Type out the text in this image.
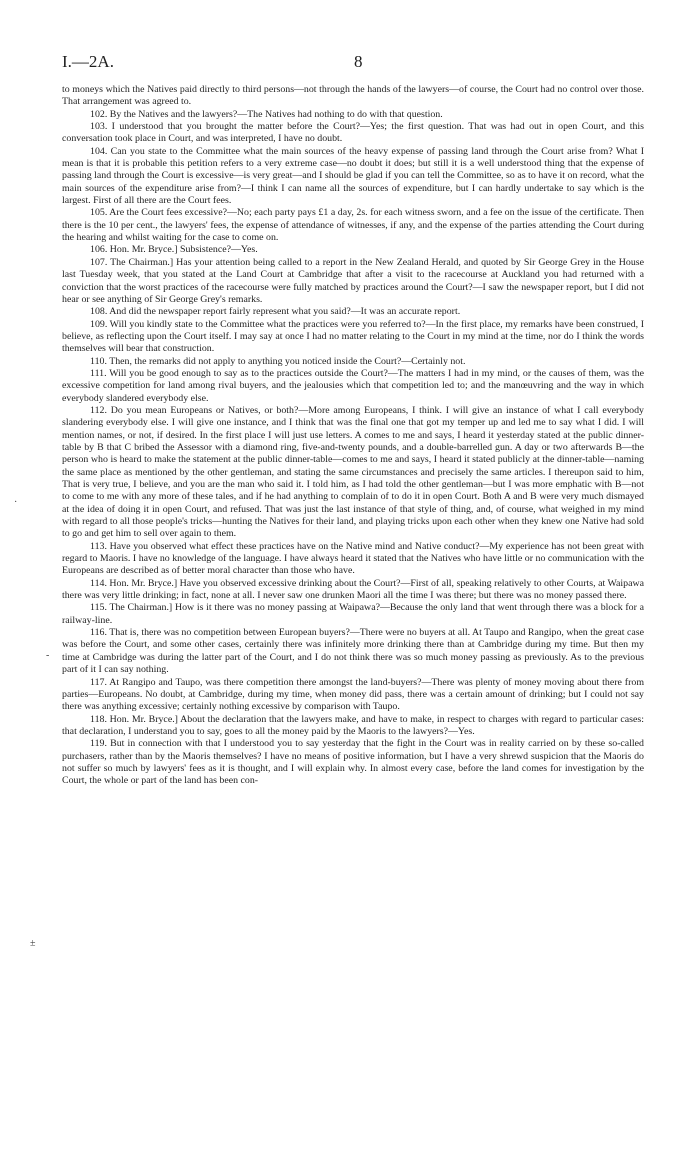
I.—2A.	8

to moneys which the Natives paid directly to third persons—not through the hands of the lawyers—of course, the Court had no control over those. That arrangement was agreed to.

102. By the Natives and the lawyers?—The Natives had nothing to do with that question.

103. I understood that you brought the matter before the Court?—Yes; the first question. That was had out in open Court, and this conversation took place in Court, and was interpreted, I have no doubt.

104. Can you state to the Committee what the main sources of the heavy expense of passing land through the Court arise from? What I mean is that it is probable this petition refers to a very extreme case—no doubt it does; but still it is a well understood thing that the expense of passing land through the Court is excessive—is very great—and I should be glad if you can tell the Committee, so as to have it on record, what the main sources of the expenditure arise from?—I think I can name all the sources of expenditure, but I can hardly undertake to say which is the largest. First of all there are the Court fees.

105. Are the Court fees excessive?—No; each party pays £1 a day, 2s. for each witness sworn, and a fee on the issue of the certificate. Then there is the 10 per cent., the lawyers' fees, the expense of attendance of witnesses, if any, and the expense of the parties attending the Court during the hearing and whilst waiting for the case to come on.

106. Hon. Mr. Bryce.] Subsistence?—Yes.

107. The Chairman.] Has your attention being called to a report in the New Zealand Herald, and quoted by Sir George Grey in the House last Tuesday week, that you stated at the Land Court at Cambridge that after a visit to the racecourse at Auckland you had returned with a conviction that the worst practices of the racecourse were fully matched by practices around the Court?—I saw the newspaper report, but I did not hear or see anything of Sir George Grey's remarks.

108. And did the newspaper report fairly represent what you said?—It was an accurate report.

109. Will you kindly state to the Committee what the practices were you referred to?—In the first place, my remarks have been construed, I believe, as reflecting upon the Court itself. I may say at once I had no matter relating to the Court in my mind at the time, nor do I think the words themselves will bear that construction.

110. Then, the remarks did not apply to anything you noticed inside the Court?—Certainly not.

111. Will you be good enough to say as to the practices outside the Court?—The matters I had in my mind, or the causes of them, was the excessive competition for land among rival buyers, and the jealousies which that competition led to; and the manœuvring and the way in which everybody slandered everybody else.

112. Do you mean Europeans or Natives, or both?—More among Europeans, I think. I will give an instance of what I call everybody slandering everybody else. I will give one instance, and I think that was the final one that got my temper up and led me to say what I did. I will mention names, or not, if desired. In the first place I will just use letters. A comes to me and says, I heard it yesterday stated at the public dinner-table by B that C bribed the Assessor with a diamond ring, five-and-twenty pounds, and a double-barrelled gun. A day or two afterwards B—the person who is heard to make the statement at the public dinner-table—comes to me and says, I heard it stated publicly at the dinner-table—naming the same place as mentioned by the other gentleman, and stating the same circumstances and precisely the same articles. I thereupon said to him, That is very true, I believe, and you are the man who said it. I told him, as I had told the other gentleman—but I was more emphatic with B—not to come to me with any more of these tales, and if he had anything to complain of to do it in open Court. Both A and B were very much dismayed at the idea of doing it in open Court, and refused. That was just the last instance of that style of thing, and, of course, what weighed in my mind with regard to all those people's tricks—hunting the Natives for their land, and playing tricks upon each other when they knew one Native had sold to go and get him to sell over again to them.

113. Have you observed what effect these practices have on the Native mind and Native conduct?—My experience has not been great with regard to Maoris. I have no knowledge of the language. I have always heard it stated that the Natives who have little or no communication with the Europeans are described as of better moral character than those who have.

114. Hon. Mr. Bryce.] Have you observed excessive drinking about the Court?—First of all, speaking relatively to other Courts, at Waipawa there was very little drinking; in fact, none at all. I never saw one drunken Maori all the time I was there; but there was no money passed there.

115. The Chairman.] How is it there was no money passing at Waipawa?—Because the only land that went through there was a block for a railway-line.

116. That is, there was no competition between European buyers?—There were no buyers at all. At Taupo and Rangipo, when the great case was before the Court, and some other cases, certainly there was infinitely more drinking there than at Cambridge during my time. But then my time at Cambridge was during the latter part of the Court, and I do not think there was so much money passing as previously. As to the previous part of it I can say nothing.

117. At Rangipo and Taupo, was there competition there amongst the land-buyers?—There was plenty of money moving about there from parties—Europeans. No doubt, at Cambridge, during my time, when money did pass, there was a certain amount of drinking; but I could not say there was anything excessive; certainly nothing excessive by comparison with Taupo.

118. Hon. Mr. Bryce.] About the declaration that the lawyers make, and have to make, in respect to charges with regard to particular cases: that declaration, I understand you to say, goes to all the money paid by the Maoris to the lawyers?—Yes.

119. But in connection with that I understood you to say yesterday that the fight in the Court was in reality carried on by these so-called purchasers, rather than by the Maoris themselves? I have no means of positive information, but I have a very shrewd suspicion that the Maoris do not suffer so much by lawyers' fees as it is thought, and I will explain why. In almost every case, before the land comes for investigation by the Court, the whole or part of the land has been con-

·
-
±
